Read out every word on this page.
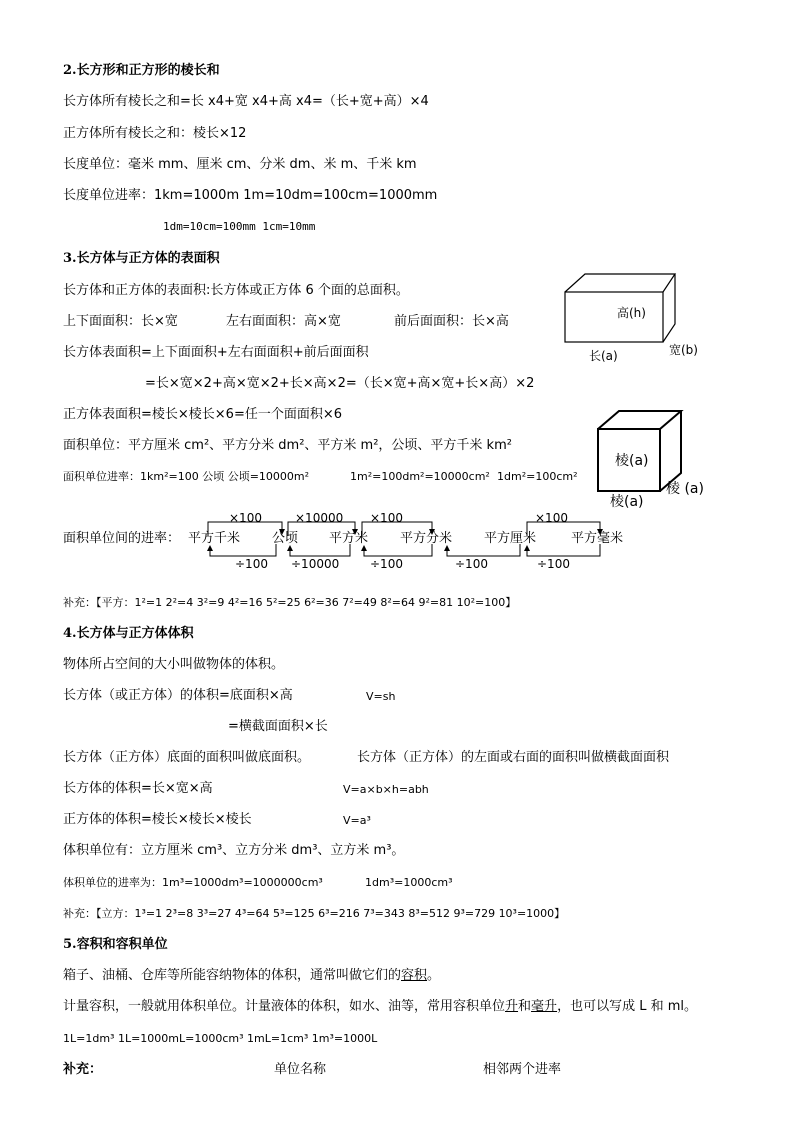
2.长方形和正方形的棱长和
长方体所有棱长之和=长 x4+宽 x4+高 x4=（长+宽+高）×4
正方体所有棱长之和：棱长×12
长度单位：毫米 mm、厘米 cm、分米 dm、米 m、千米 km
长度单位进率：1km=1000m 1m=10dm=100cm=1000mm
1dm=10cm=100mm 1cm=10mm
3.长方体与正方体的表面积
长方体和正方体的表面积:长方体或正方体 6 个面的总面积。
上下面面积：长×宽	左右面面积：高×宽	前后面面积：长×高
长方体表面积=上下面面积+左右面面积+前后面面积
=长×宽×2+高×宽×2+长×高×2=（长×宽+高×宽+长×高）×2
正方体表面积=棱长×棱长×6=任一个面面积×6
面积单位：平方厘米 cm²、平方分米 dm²、平方米 m²，公顷、平方千米 km²
面积单位进率：1km²=100 公顷 公顷=10000m²	1m²=100dm²=10000cm² 1dm²=100cm²
面积单位间的进率： 平方千米 公顷 平方米 平方分米 平方厘米	平方毫米
×100	×10000 ×100	×100
÷100 ÷10000	÷100	÷100	÷100
补充：【平方：1²=1 2²=4 3²=9 4²=16 5²=25 6²=36 7²=49 8²=64 9²=81 10²=100】
4.长方体与正方体体积
物体所占空间的大小叫做物体的体积。
长方体（或正方体）的体积=底面积×高	V=sh
=横截面面积×长
长方体（正方体）底面的面积叫做底面积。	长方体（正方体）的左面或右面的面积叫做横截面面积
长方体的体积=长×宽×高	V=a×b×h=abh
正方体的体积=棱长×棱长×棱长	V=a³
体积单位有：立方厘米 cm³、立方分米 dm³、立方米 m³。
体积单位的进率为：1m³=1000dm³=1000000cm³	1dm³=1000cm³
补充：【立方：1³=1 2³=8 3³=27 4³=64 5³=125 6³=216 7³=343 8³=512 9³=729 10³=1000】
5.容积和容积单位
箱子、油桶、仓库等所能容纳物体的体积，通常叫做它们的容积。
计量容积，一般就用体积单位。计量液体的体积，如水、油等，常用容积单位升和毫升，也可以写成 L 和 ml。
1L=1dm³ 1L=1000mL=1000cm³ 1mL=1cm³ 1m³=1000L
补充：	单位名称	相邻两个进率
高(h)
长(a)	宽(b)
棱(a)
棱(a)
棱 (a)
